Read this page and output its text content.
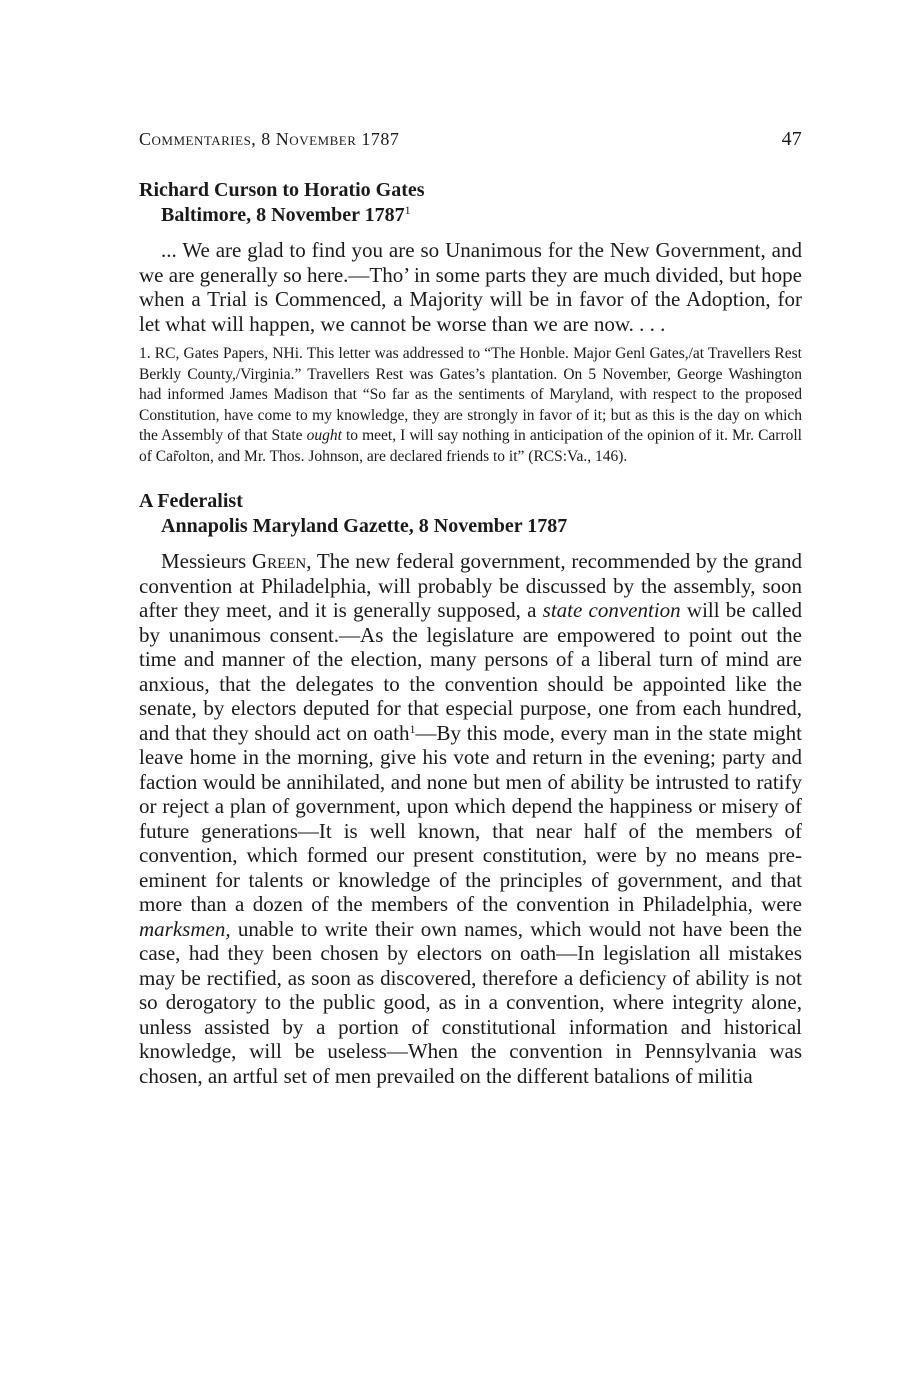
Commentaries, 8 November 1787	47
Richard Curson to Horatio Gates
Baltimore, 8 November 1787$^1$

... We are glad to find you are so Unanimous for the New Government, and we are generally so here.—Tho’ in some parts they are much divided, but hope when a Trial is Commenced, a Majority will be in favor of the Adoption, for let what will happen, we cannot be worse than we are now. . . .

1. RC, Gates Papers, NHi. This letter was addressed to “The Honble. Major Genl Gates,/at Travellers Rest Berkly County,/Virginia.” Travellers Rest was Gates’s plantation. On 5 November, George Washington had informed James Madison that “So far as the sentiments of Maryland, with respect to the proposed Constitution, have come to my knowledge, they are strongly in favor of it; but as this is the day on which the Assembly of that State ought to meet, I will say nothing in anticipation of the opinion of it. Mr. Carroll of Car̃olton, and Mr. Thos. Johnson, are declared friends to it” (RCS:Va., 146).

A Federalist
Annapolis Maryland Gazette, 8 November 1787

Messieurs Green, The new federal government, recommended by the grand convention at Philadelphia, will probably be discussed by the assembly, soon after they meet, and it is generally supposed, a state convention will be called by unanimous consent.—As the legislature are empowered to point out the time and manner of the election, many persons of a liberal turn of mind are anxious, that the delegates to the convention should be appointed like the senate, by electors deputed for that especial purpose, one from each hundred, and that they should act on oath$^1$—By this mode, every man in the state might leave home in the morning, give his vote and return in the evening; party and faction would be annihilated, and none but men of ability be intrusted to ratify or reject a plan of government, upon which depend the happiness or misery of future generations—It is well known, that near half of the members of convention, which formed our present constitution, were by no means pre-eminent for talents or knowledge of the principles of government, and that more than a dozen of the members of the convention in Philadelphia, were marksmen, unable to write their own names, which would not have been the case, had they been chosen by electors on oath—In legislation all mistakes may be rectified, as soon as discovered, therefore a deficiency of ability is not so derogatory to the public good, as in a convention, where integrity alone, unless assisted by a portion of constitutional information and historical knowledge, will be useless—When the convention in Pennsylvania was chosen, an artful set of men prevailed on the different batalions of militia
